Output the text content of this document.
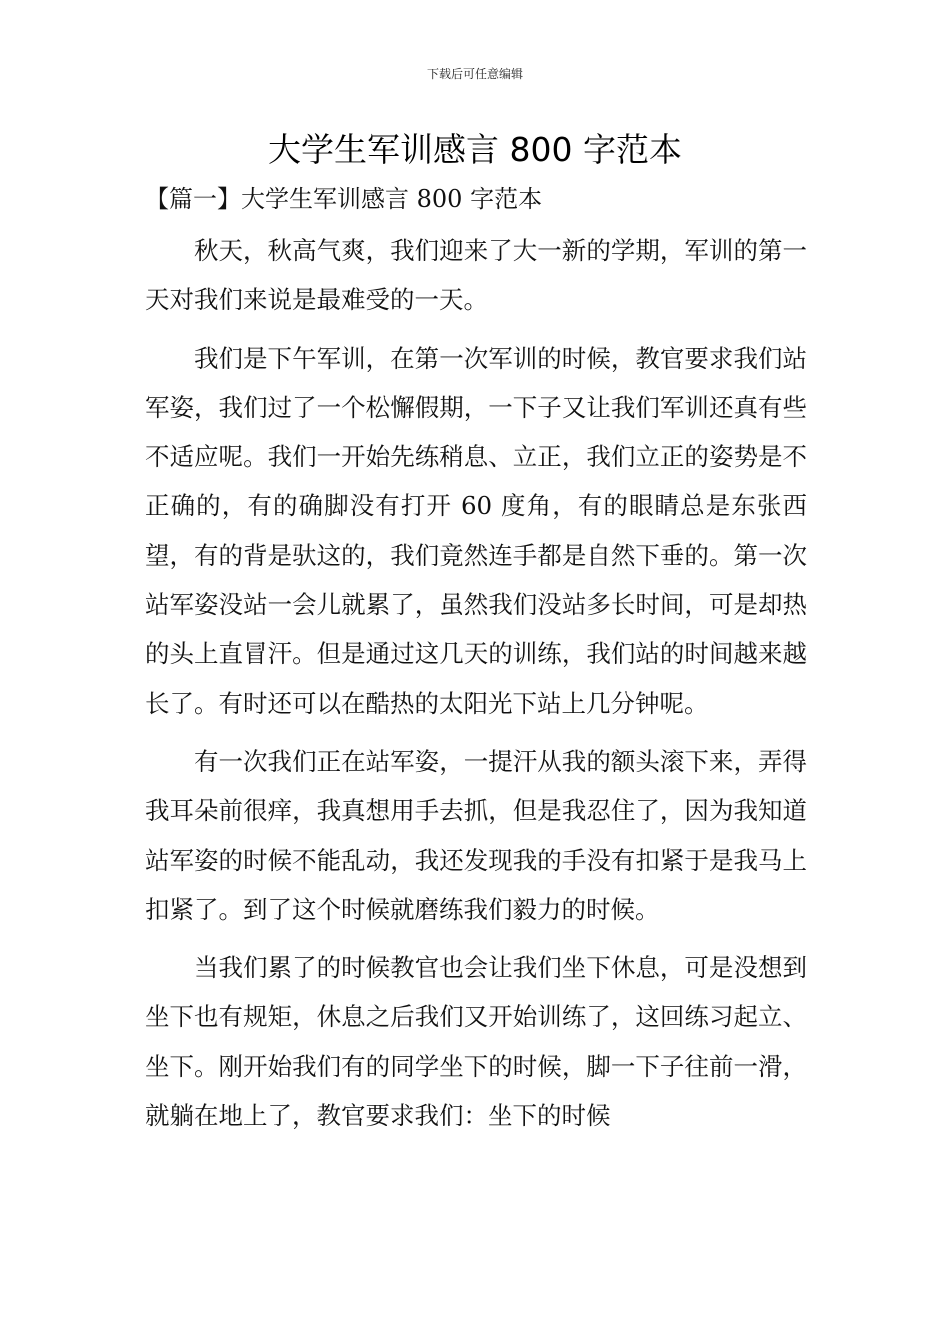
下载后可任意编辑
大学生军训感言 800 字范本
【篇一】大学生军训感言 800 字范本

秋天，秋高气爽，我们迎来了大一新的学期，军训的第一天对我们来说是最难受的一天。

我们是下午军训，在第一次军训的时候，教官要求我们站军姿，我们过了一个松懈假期，一下子又让我们军训还真有些不适应呢。我们一开始先练稍息、立正，我们立正的姿势是不正确的，有的确脚没有打开 60 度角，有的眼睛总是东张西望，有的背是驮这的，我们竟然连手都是自然下垂的。第一次站军姿没站一会儿就累了，虽然我们没站多长时间，可是却热的头上直冒汗。但是通过这几天的训练，我们站的时间越来越长了。有时还可以在酷热的太阳光下站上几分钟呢。

有一次我们正在站军姿，一提汗从我的额头滚下来，弄得我耳朵前很痒，我真想用手去抓，但是我忍住了，因为我知道站军姿的时候不能乱动，我还发现我的手没有扣紧于是我马上扣紧了。到了这个时候就磨练我们毅力的时候。

当我们累了的时候教官也会让我们坐下休息，可是没想到坐下也有规矩，休息之后我们又开始训练了，这回练习起立、坐下。刚开始我们有的同学坐下的时候，脚一下子往前一滑，就躺在地上了，教官要求我们：坐下的时候
